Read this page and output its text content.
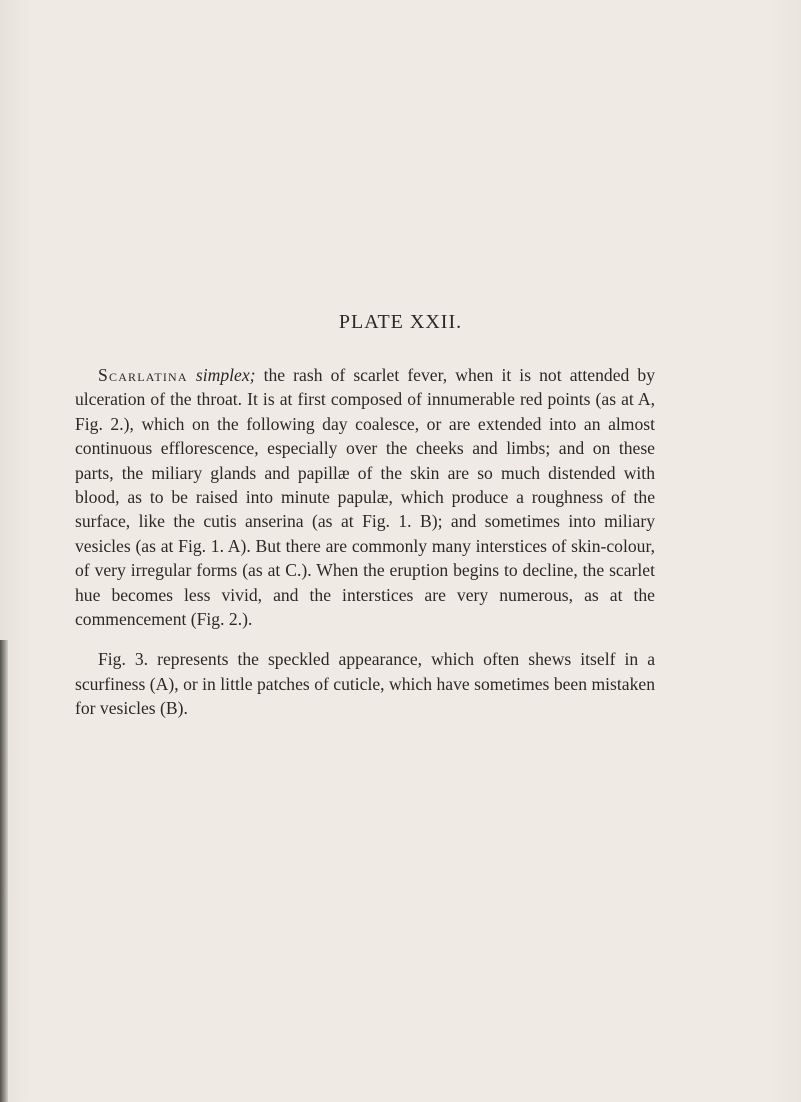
PLATE XXII.

Scarlatina simplex; the rash of scarlet fever, when it is not attended by ulceration of the throat. It is at first composed of innumerable red points (as at A, Fig. 2.), which on the following day coalesce, or are extended into an almost continuous efflorescence, especially over the cheeks and limbs; and on these parts, the miliary glands and papillæ of the skin are so much distended with blood, as to be raised into minute papulæ, which produce a roughness of the surface, like the cutis anserina (as at Fig. 1. B); and sometimes into miliary vesicles (as at Fig. 1. A). But there are commonly many interstices of skin-colour, of very irregular forms (as at C.). When the eruption begins to decline, the scarlet hue becomes less vivid, and the interstices are very numerous, as at the commencement (Fig. 2.).

Fig. 3. represents the speckled appearance, which often shews itself in a scurfiness (A), or in little patches of cuticle, which have sometimes been mistaken for vesicles (B).
